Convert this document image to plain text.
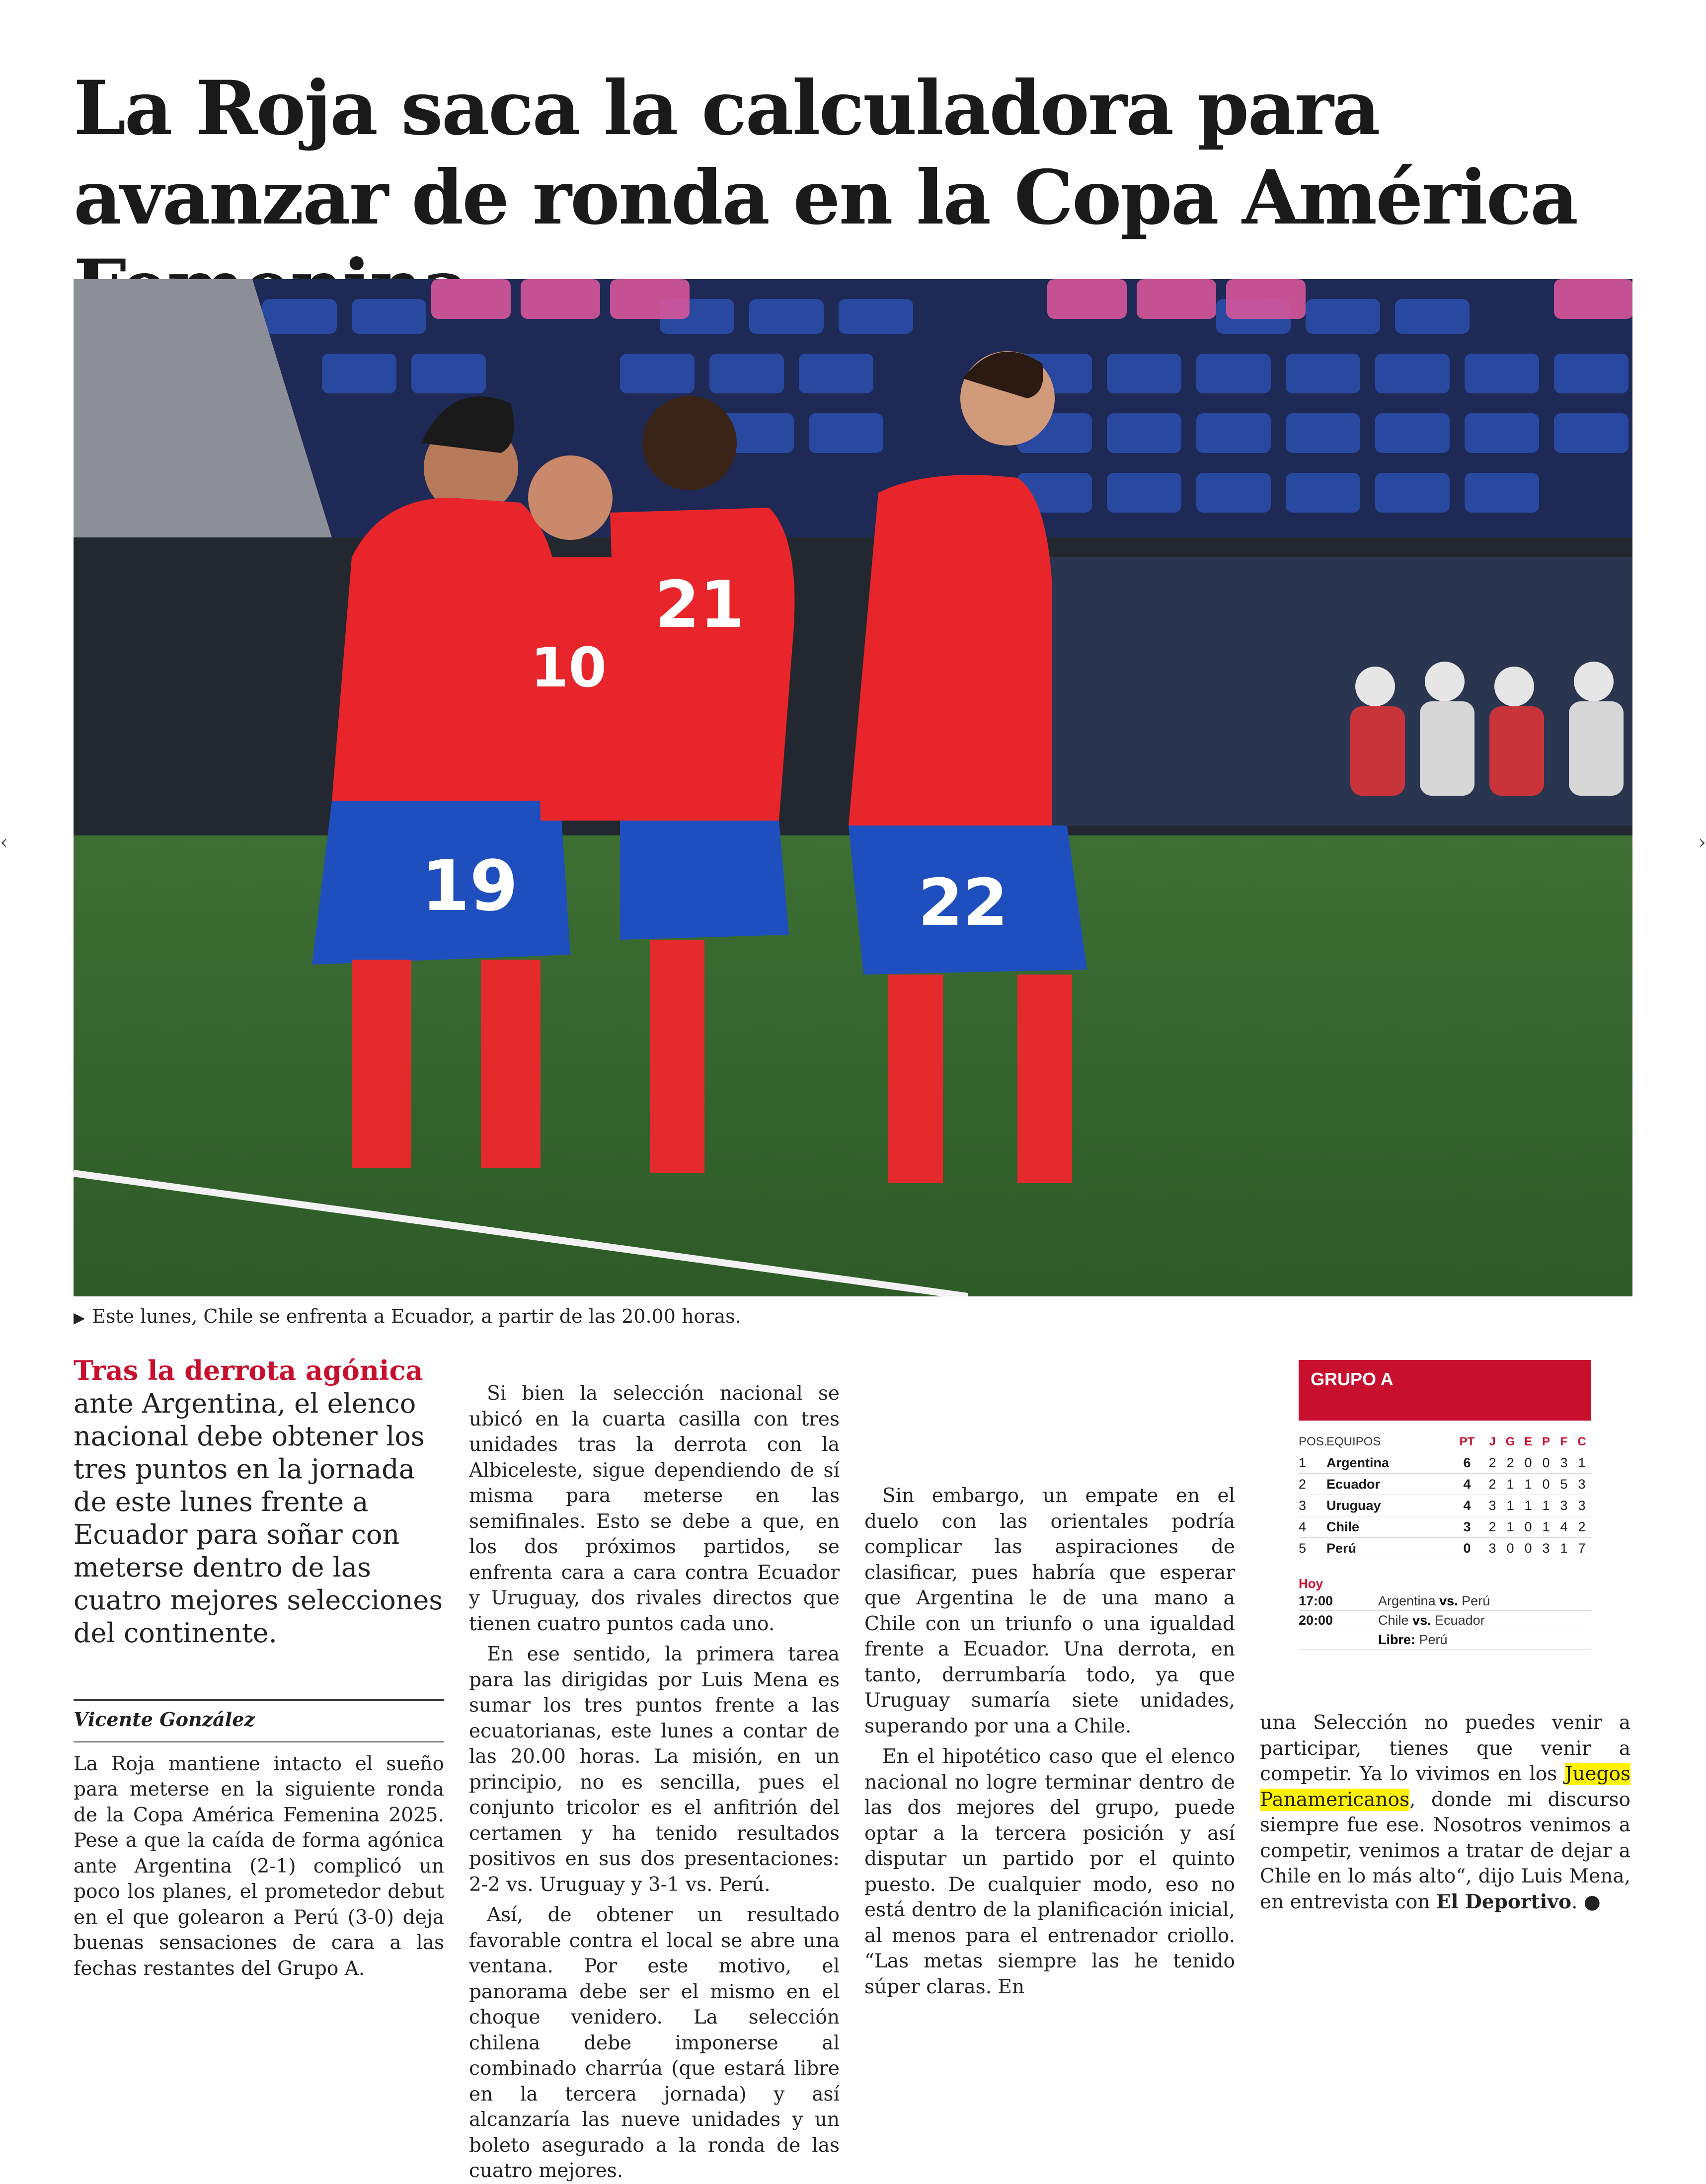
‹	›
La Roja saca la calculadora para avanzar de ronda en la Copa América
19
10
21
22

▶ Este lunes, Chile se enfrenta a Ecuador, a partir de las 20.00 horas.

Tras la derrota agónica ante Argentina, el elenco nacional debe obtener los tres puntos en la jornada de este lunes frente a Ecuador para soñar con meterse dentro de las cuatro mejores selecciones del continente.

Vicente González

La Roja mantiene intacto el sueño para meterse en la siguiente ronda de la Copa América Femenina 2025. Pese a que la caída de forma agónica ante Argentina (2-1) complicó un poco los planes, el prometedor debut en el que golearon a Perú (3-0) deja buenas sensaciones de cara a las fechas restantes del Grupo A.

Si bien la selección nacional se ubicó en la cuarta casilla con tres unidades tras la derrota con la Albiceleste, sigue dependiendo de sí misma para meterse en las semifinales. Esto se debe a que, en los dos próximos partidos, se enfrenta cara a cara contra Ecuador y Uruguay, dos rivales directos que tienen cuatro puntos cada uno.

En ese sentido, la primera tarea para las dirigidas por Luis Mena es sumar los tres puntos frente a las ecuatorianas, este lunes a contar de las 20.00 horas. La misión, en un principio, no es sencilla, pues el conjunto tricolor es el anfitrión del certamen y ha tenido resultados positivos en sus dos presentaciones: 2-2 vs. Uruguay y 3-1 vs. Perú.

Así, de obtener un resultado favorable contra el local se abre una ventana. Por este motivo, el panorama debe ser el mismo en el choque venidero. La selección chilena debe imponerse al combinado charrúa (que estará libre en la tercera jornada) y así alcanzaría las nueve unidades y un boleto asegurado a la ronda de las cuatro mejores.

Sin embargo, un empate en el duelo con las orientales podría complicar las aspiraciones de clasificar, pues habría que esperar que Argentina le de una mano a Chile con un triunfo o una igualdad frente a Ecuador. Una derrota, en tanto, derrumbaría todo, ya que Uruguay sumaría siete unidades, superando por una a Chile.

En el hipotético caso que el elenco nacional no logre terminar dentro de las dos mejores del grupo, puede optar a la tercera posición y así disputar un partido por el quinto puesto. De cualquier modo, eso no está dentro de la planificación inicial, al menos para el entrenador criollo. “Las metas siempre las he tenido súper claras. En

GRUPO A
POS.
EQUIPOS	PT	J G E P F C
1	Argentina	6	2 2 0 0 3 1
2	Ecuador	4	2 1 1 0 5 3
3	Uruguay	4	3 1 1 1 3 3
4	Chile	3	2 1 0 1 4 2
5	Perú	0	3 0 0 3 1 7
Hoy
17:00	Argentina vs. Perú
20:00	Chile vs. Ecuador
Libre: Perú

una Selección no puedes venir a participar, tienes que venir a competir. Ya lo vivimos en los Juegos Panamericanos, donde mi discurso siempre fue ese. Nosotros venimos a competir, venimos a tratar de dejar a Chile en lo más alto“, dijo Luis Mena, en entrevista con El Deportivo. ●
